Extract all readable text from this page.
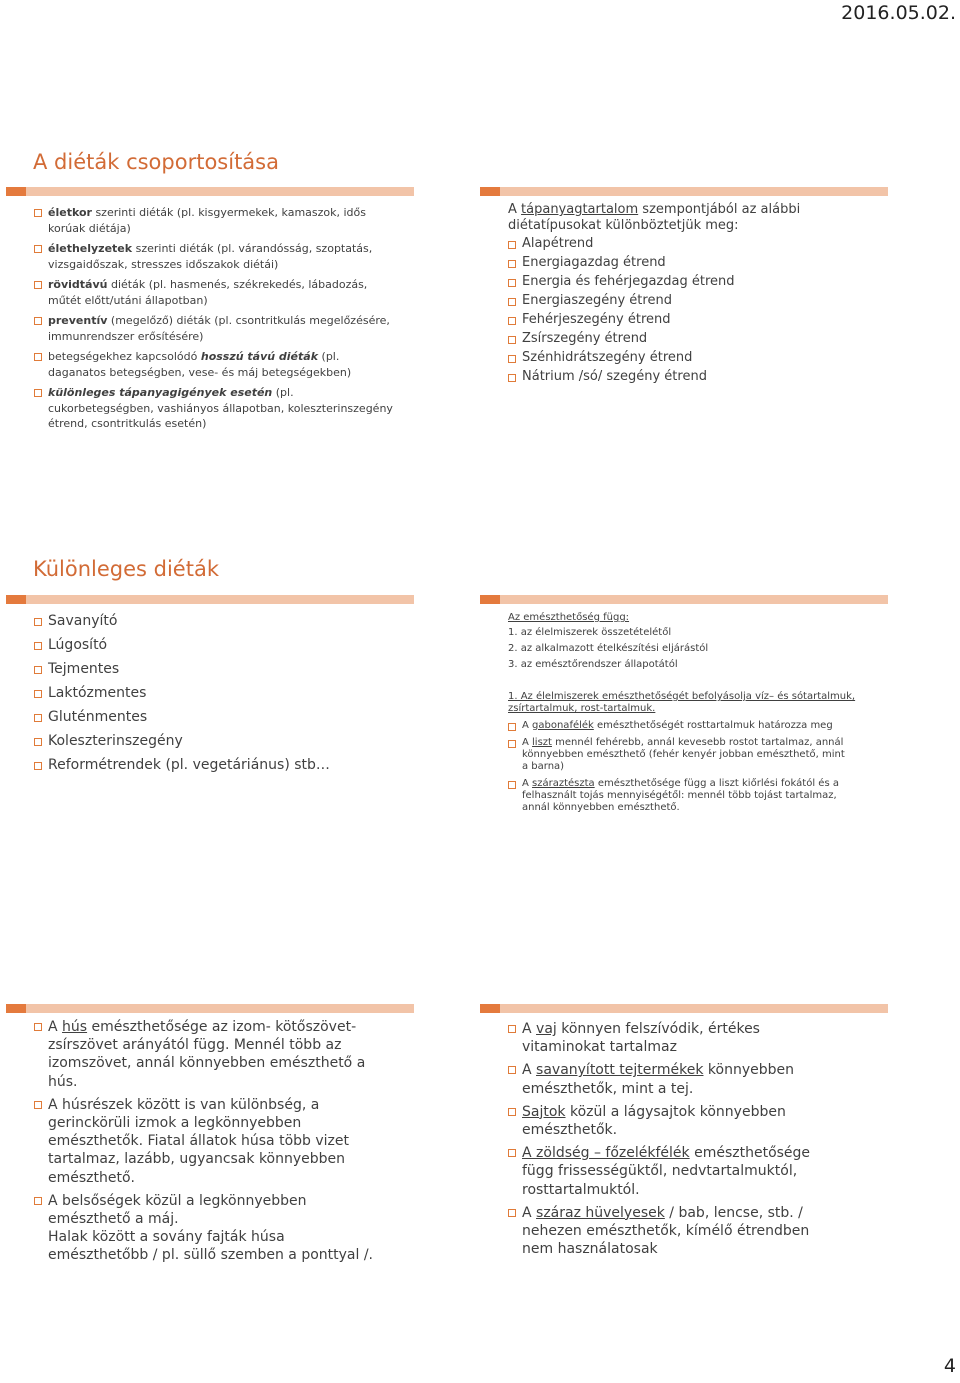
2016.05.02.
A diéták csoportosítása
életkor szerinti diéták (pl. kisgyermekek, kamaszok, idős korúak diétája)
élethelyzetek szerinti diéták (pl. várandósság, szoptatás, vizsgaidőszak, stresszes időszakok diétái)
rövidtávú diéták (pl. hasmenés, székrekedés, lábadozás, műtét előtt/utáni állapotban)
preventív (megelőző) diéták (pl. csontritkulás megelőzésére, immunrendszer erősítésére)
betegségekhez kapcsolódó hosszú távú diéták (pl. daganatos betegségben, vese- és máj betegségekben)
különleges tápanyagigények esetén (pl. cukorbetegségben, vashiányos állapotban, koleszterinszegény étrend, csontritkulás esetén)
A tápanyagtartalom szempontjából az alábbi diétatípusokat különböztetjük meg:
Alapétrend
Energiagazdag étrend
Energia és fehérjegazdag étrend
Energiaszegény étrend
Fehérjeszegény étrend
Zsírszegény étrend
Szénhidrátszegény étrend
Nátrium /só/ szegény étrend
Különleges diéták
Savanyító
Lúgosító
Tejmentes
Laktózmentes
Gluténmentes
Koleszterinszegény
Reformétrendek (pl. vegetáriánus) stb…
Az emészthetőség függ:
1. az élelmiszerek összetételétől
2. az alkalmazott ételkészítési eljárástól
3. az emésztőrendszer állapotától
1. Az élelmiszerek emészthetőségét befolyásolja víz– és sótartalmuk, zsírtartalmuk, rost-tartalmuk.
A gabonafélék emészthetőségét rosttartalmuk határozza meg
A liszt mennél fehérebb, annál kevesebb rostot tartalmaz, annál könnyebben emészthető (fehér kenyér jobban emészthető, mint a barna)
A száraztészta emészthetősége függ a liszt kiőrlési fokától és a felhasznált tojás mennyiségétől: mennél több tojást tartalmaz, annál könnyebben emészthető.
A hús emészthetősége az izom- kötőszövet-zsírszövet arányától függ. Mennél több az izomszövet, annál könnyebben emészthető a hús.
A húsrészek között is van különbség, a gerinckörüli izmok a legkönnyebben emészthetők. Fiatal állatok húsa több vizet tartalmaz, lazább, ugyancsak könnyebben emészthető.
A belsőségek közül a legkönnyebben emészthető a máj.
Halak között a sovány fajták húsa emészthetőbb / pl. süllő szemben a ponttyal /.
A vaj könnyen felszívódik, értékes vitaminokat tartalmaz
A savanyított tejtermékek könnyebben emészthetők, mint a tej.
Sajtok közül a lágysajtok könnyebben emészthetők.
A zöldség – főzelékfélék emészthetősége függ frissességüktől, nedvtartalmuktól, rosttartalmuktól.
A száraz hüvelyesek / bab, lencse, stb. / nehezen emészthetők, kímélő étrendben nem használatosak
4
